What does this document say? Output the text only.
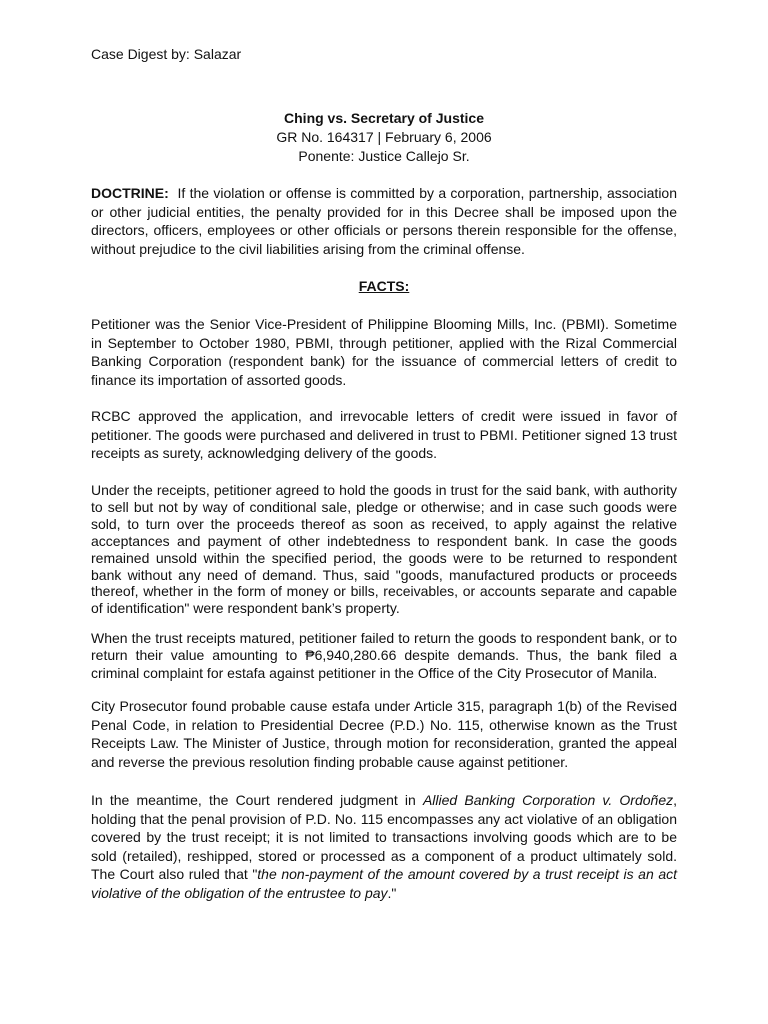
Case Digest by: Salazar
Ching vs. Secretary of Justice
GR No. 164317 | February 6, 2006
Ponente: Justice Callejo Sr.

DOCTRINE: If the violation or offense is committed by a corporation, partnership, association or other judicial entities, the penalty provided for in this Decree shall be imposed upon the directors, officers, employees or other officials or persons therein responsible for the offense, without prejudice to the civil liabilities arising from the criminal offense.

FACTS:

Petitioner was the Senior Vice-President of Philippine Blooming Mills, Inc. (PBMI). Sometime in September to October 1980, PBMI, through petitioner, applied with the Rizal Commercial Banking Corporation (respondent bank) for the issuance of commercial letters of credit to finance its importation of assorted goods.

RCBC approved the application, and irrevocable letters of credit were issued in favor of petitioner. The goods were purchased and delivered in trust to PBMI. Petitioner signed 13 trust receipts as surety, acknowledging delivery of the goods.

Under the receipts, petitioner agreed to hold the goods in trust for the said bank, with authority to sell but not by way of conditional sale, pledge or otherwise; and in case such goods were sold, to turn over the proceeds thereof as soon as received, to apply against the relative acceptances and payment of other indebtedness to respondent bank. In case the goods remained unsold within the specified period, the goods were to be returned to respondent bank without any need of demand. Thus, said "goods, manufactured products or proceeds thereof, whether in the form of money or bills, receivables, or accounts separate and capable of identification" were respondent bank’s property.

When the trust receipts matured, petitioner failed to return the goods to respondent bank, or to return their value amounting to ₱6,940,280.66 despite demands. Thus, the bank filed a criminal complaint for estafa against petitioner in the Office of the City Prosecutor of Manila.

City Prosecutor found probable cause estafa under Article 315, paragraph 1(b) of the Revised Penal Code, in relation to Presidential Decree (P.D.) No. 115, otherwise known as the Trust Receipts Law. The Minister of Justice, through motion for reconsideration, granted the appeal and reverse the previous resolution finding probable cause against petitioner.

In the meantime, the Court rendered judgment in Allied Banking Corporation v. Ordoñez, holding that the penal provision of P.D. No. 115 encompasses any act violative of an obligation covered by the trust receipt; it is not limited to transactions involving goods which are to be sold (retailed), reshipped, stored or processed as a component of a product ultimately sold. The Court also ruled that "the non-payment of the amount covered by a trust receipt is an act violative of the obligation of the entrustee to pay."
